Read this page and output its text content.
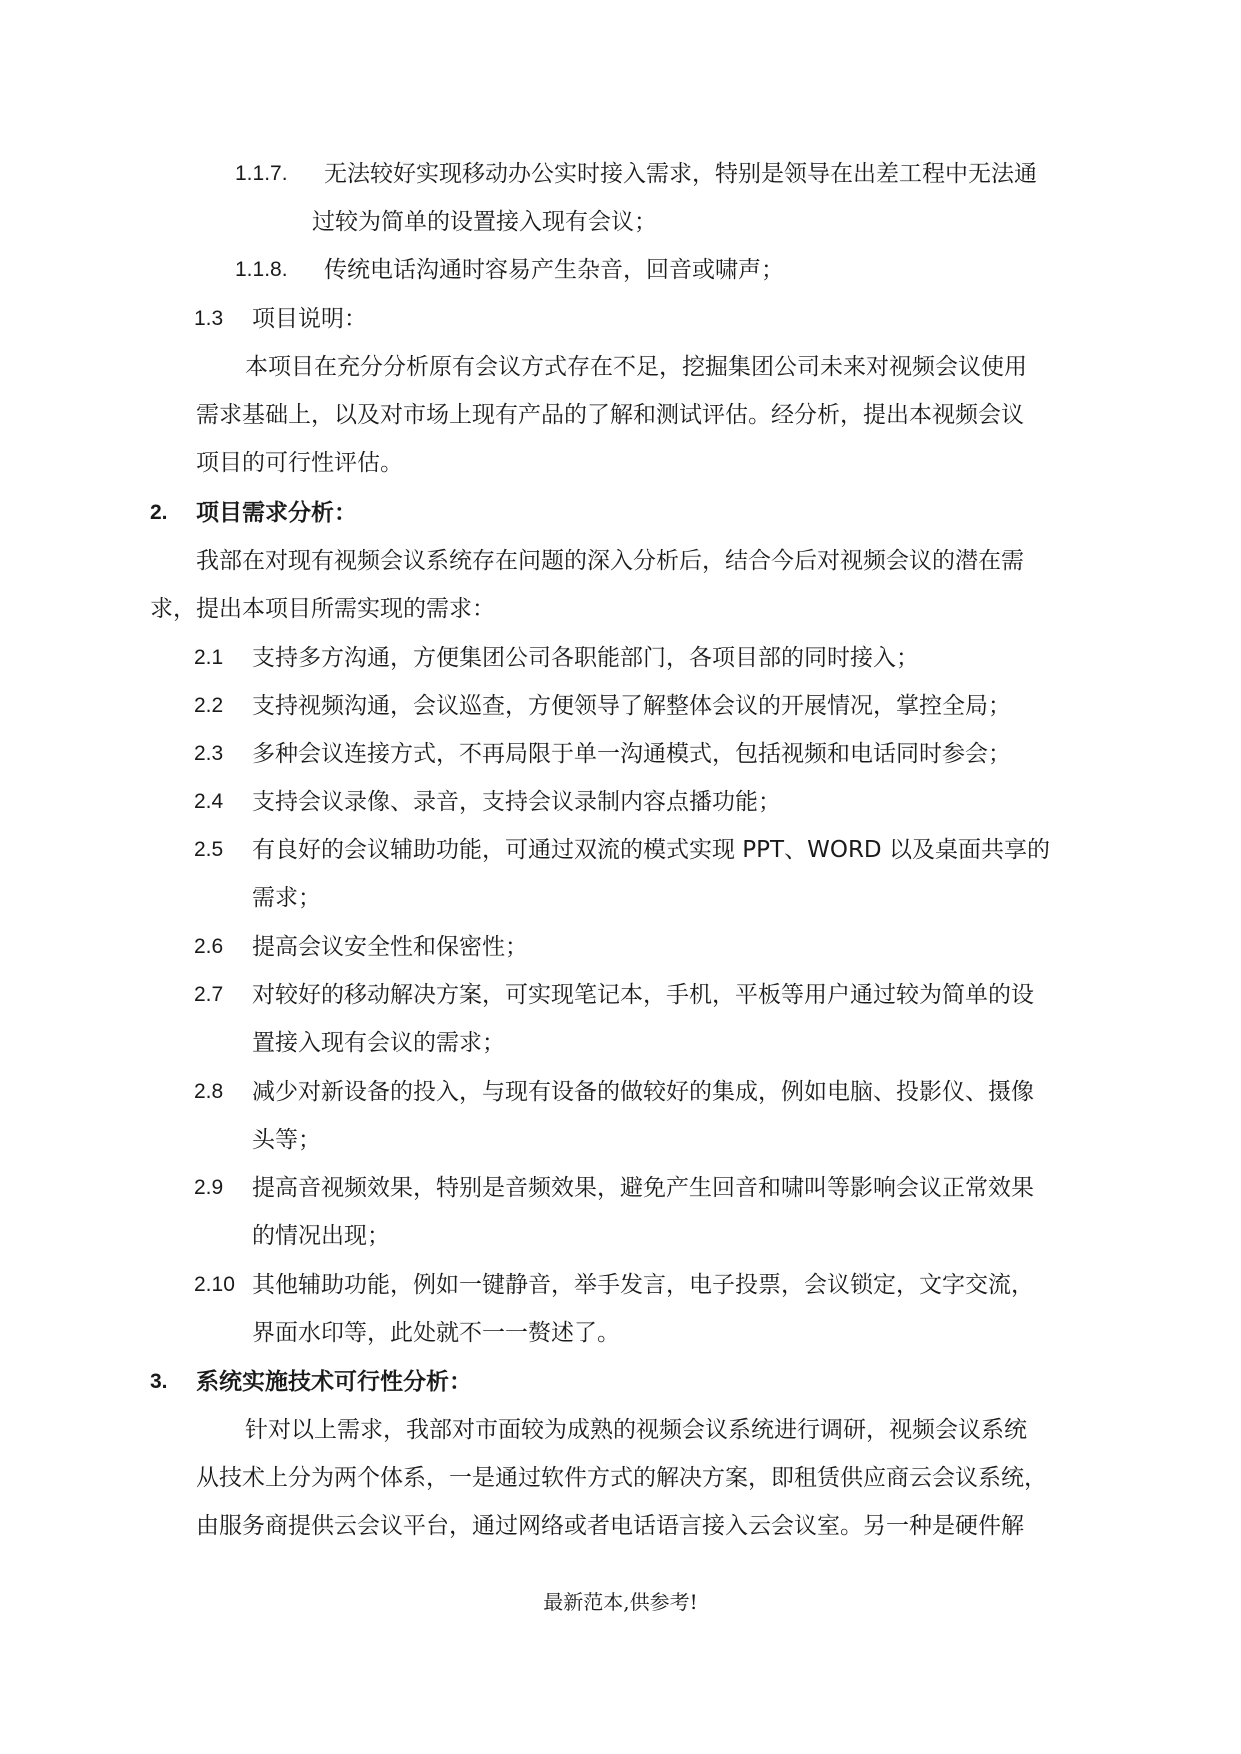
1.1.7. 无法较好实现移动办公实时接入需求，特别是领导在出差工程中无法通
过较为简单的设置接入现有会议；
1.1.8. 传统电话沟通时容易产生杂音，回音或啸声；
1.3 项目说明：
本项目在充分分析原有会议方式存在不足，挖掘集团公司未来对视频会议使用
需求基础上，以及对市场上现有产品的了解和测试评估。经分析，提出本视频会议
项目的可行性评估。
2. 项目需求分析：
我部在对现有视频会议系统存在问题的深入分析后，结合今后对视频会议的潜在需
求，提出本项目所需实现的需求：
2.1 支持多方沟通，方便集团公司各职能部门，各项目部的同时接入；
2.2 支持视频沟通，会议巡查，方便领导了解整体会议的开展情况，掌控全局；
2.3 多种会议连接方式，不再局限于单一沟通模式，包括视频和电话同时参会；
2.4 支持会议录像、录音，支持会议录制内容点播功能；
2.5 有良好的会议辅助功能，可通过双流的模式实现 PPT、WORD 以及桌面共享的
需求；
2.6 提高会议安全性和保密性；
2.7 对较好的移动解决方案，可实现笔记本，手机，平板等用户通过较为简单的设
置接入现有会议的需求；
2.8 减少对新设备的投入，与现有设备的做较好的集成，例如电脑、投影仪、摄像
头等；
2.9 提高音视频效果，特别是音频效果，避免产生回音和啸叫等影响会议正常效果
的情况出现；
2.10 其他辅助功能，例如一键静音，举手发言，电子投票，会议锁定，文字交流，
界面水印等，此处就不一一赘述了。
3. 系统实施技术可行性分析：
针对以上需求，我部对市面较为成熟的视频会议系统进行调研，视频会议系统
从技术上分为两个体系，一是通过软件方式的解决方案，即租赁供应商云会议系统，
由服务商提供云会议平台，通过网络或者电话语言接入云会议室。另一种是硬件解
最新范本,供参考!
